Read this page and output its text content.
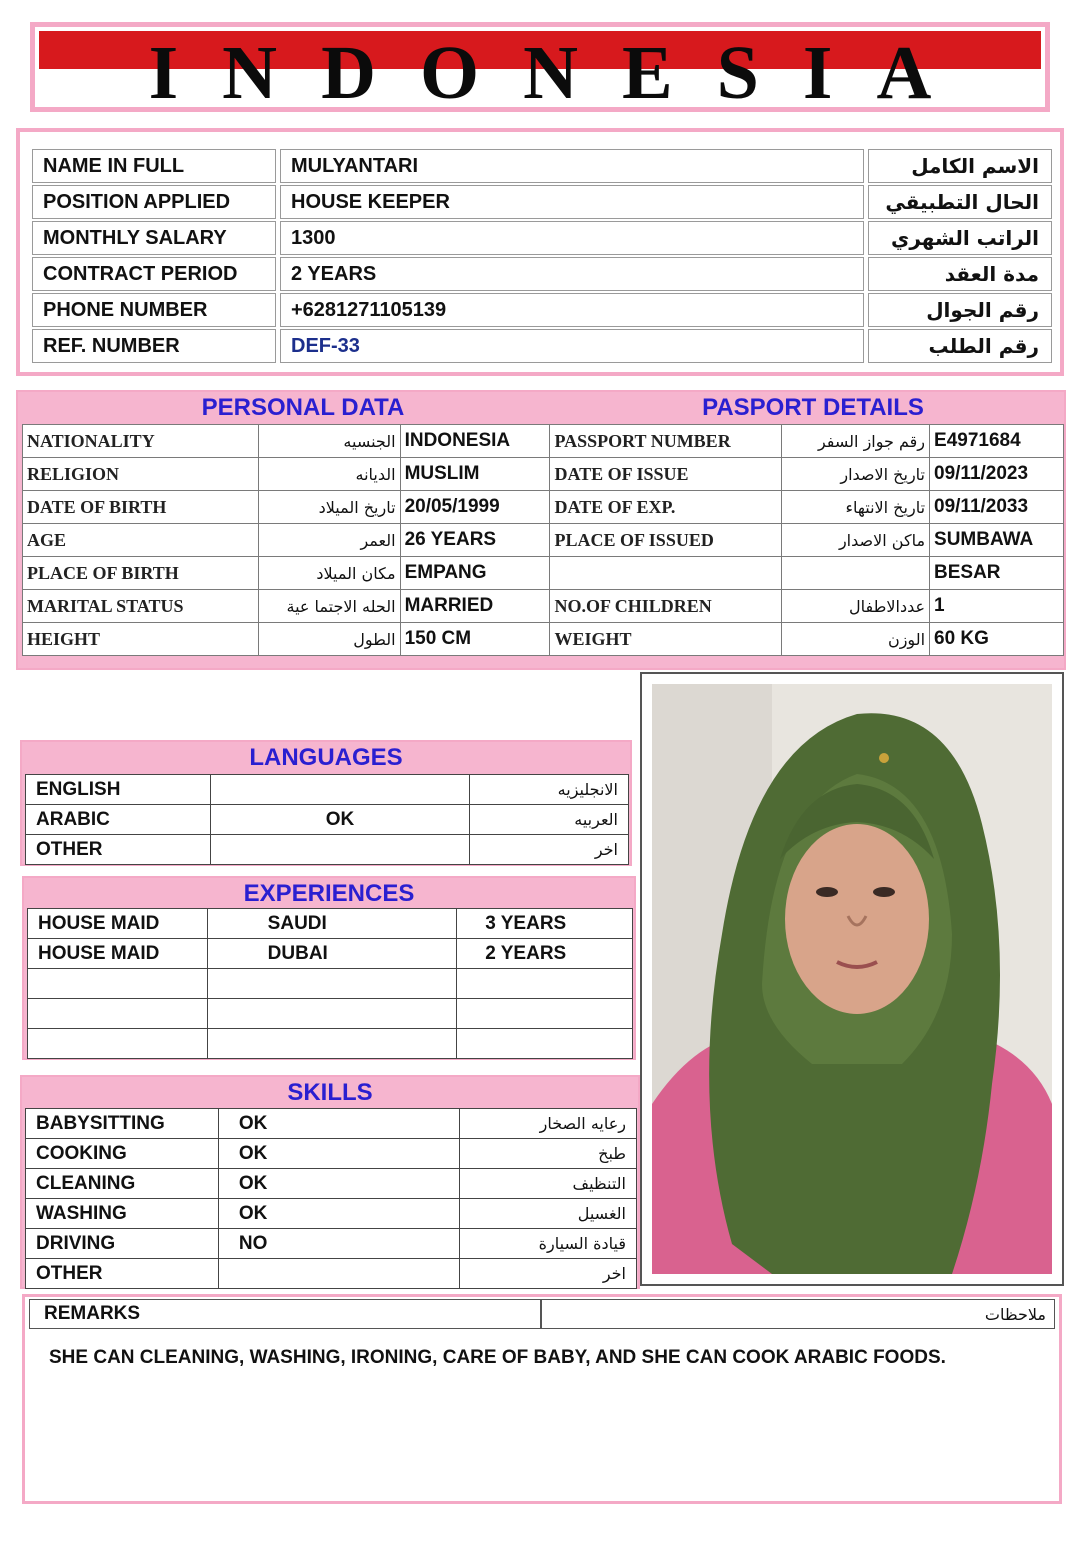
INDONESIA
NAME IN FULL	MULYANTARI	الاسم الكامل
POSITION APPLIED	HOUSE KEEPER	الحال التطبيقي
MONTHLY SALARY	1300	الراتب الشهري
CONTRACT PERIOD	2 YEARS	مدة العقد
PHONE NUMBER	+6281271105139	رقم الجوال
REF. NUMBER	DEF-33	رقم الطلب
PERSONAL DATA	PASPORT DETAILS
NATIONALITY	الجنسيه	INDONESIA	PASSPORT NUMBER	رقم جواز السفر	E4971684
RELIGION	الديانه	MUSLIM	DATE OF ISSUE	تاريخ الاصدار	09/11/2023
DATE OF BIRTH	تاريخ الميلاد	20/05/1999	DATE OF EXP.	تاريخ الانتهاء	09/11/2033
AGE	العمر	26 YEARS	PLACE OF ISSUED	ماكن الاصدار	SUMBAWA
PLACE OF BIRTH	مكان الميلاد	EMPANG			BESAR
MARITAL STATUS	الحله الاجتما عية	MARRIED	NO.OF CHILDREN	عددالاطفال	1
HEIGHT	الطول	150 CM	WEIGHT	الوزن	60 KG
LANGUAGES
ENGLISH		الانجليزيه
ARABIC	OK	العربيه
OTHER		اخر
EXPERIENCES
HOUSE MAID	SAUDI	3 YEARS
HOUSE MAID	DUBAI	2 YEARS

SKILLS
BABYSITTING	OK	رعايه الصخار
COOKING	OK	طبخ
CLEANING	OK	التنظيف
WASHING	OK	الغسيل
DRIVING	NO	قيادة السيارة
OTHER		اخر
REMARKS	ملاحظات
SHE CAN CLEANING, WASHING, IRONING, CARE OF BABY, AND SHE CAN COOK ARABIC FOODS.
